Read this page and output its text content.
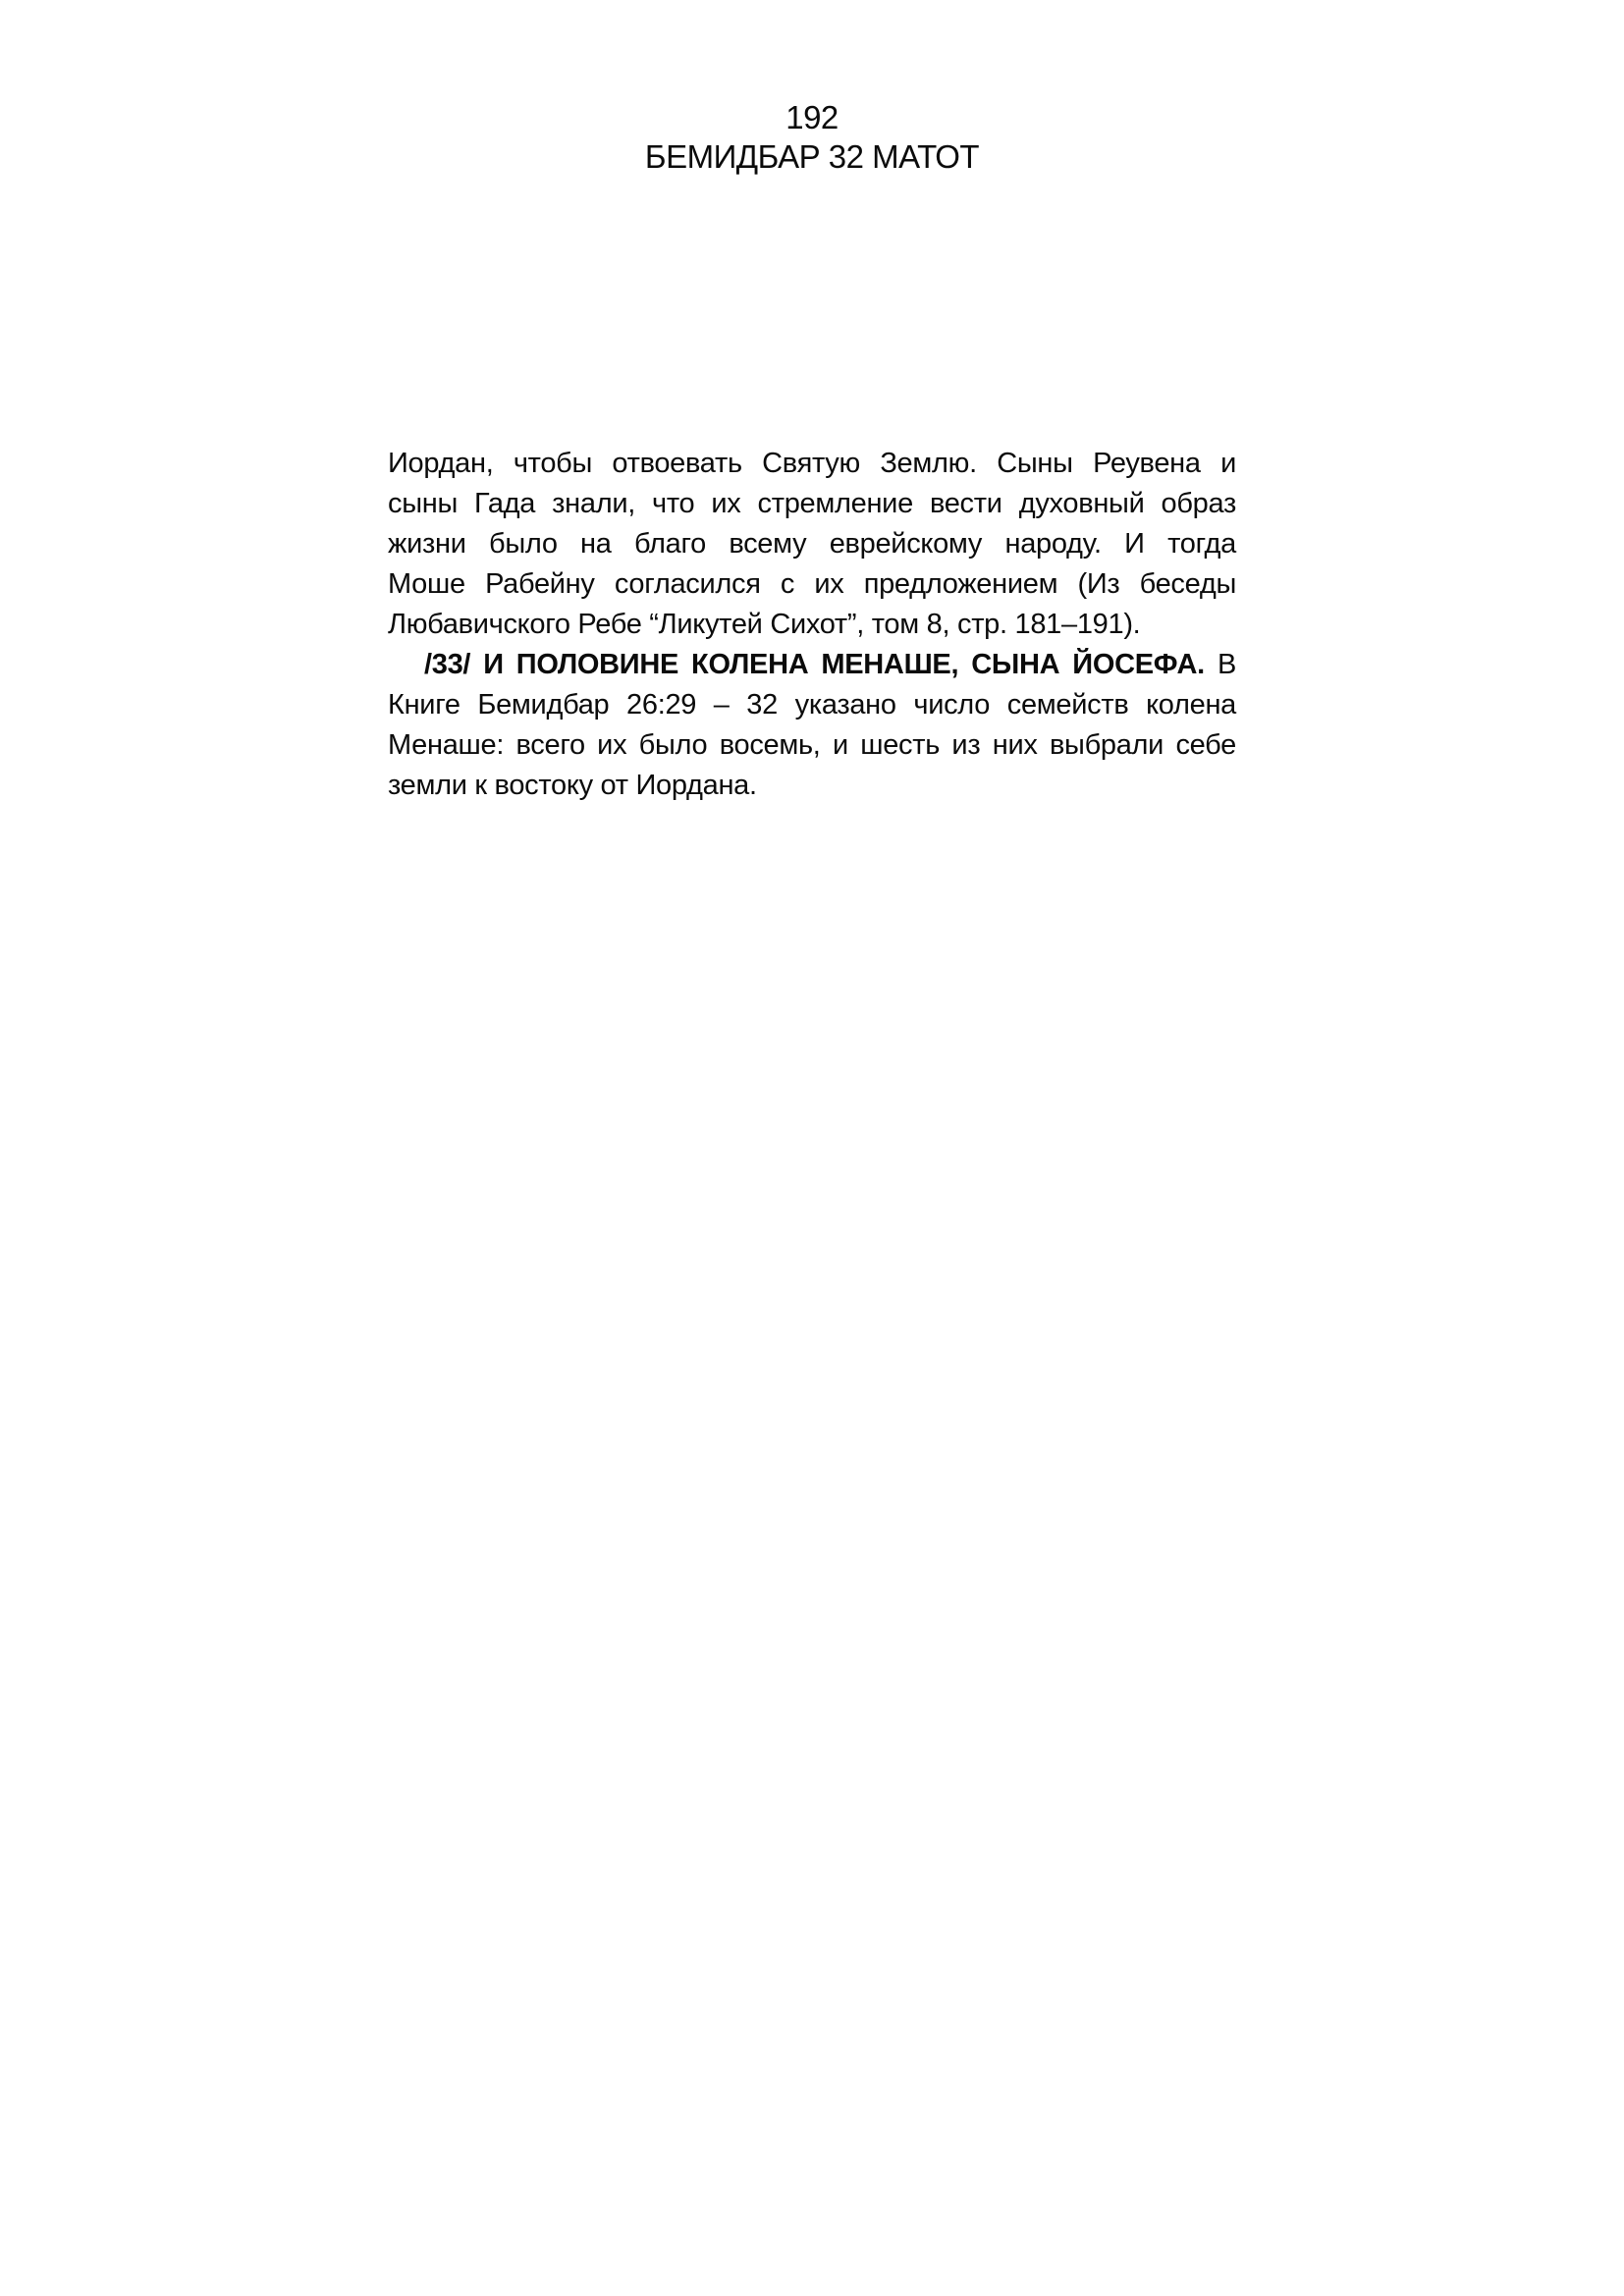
192
БЕМИДБАР 32 МАТОТ
Иордан, чтобы отвоевать Святую Землю. Сыны Реувена и
сыны Гада знали, что их стремление вести духовный образ
жизни было на благо всему еврейскому народу. И тогда
Моше Рабейну согласился с их предложением (Из беседы
Любавичского Ребе “Ликутей Сихот”, том 8, стр. 181–191).
/33/ И ПОЛОВИНЕ КОЛЕНА МЕНАШЕ, СЫНА ЙОСЕФА. В
Книге Бемидбар 26:29 – 32 указано число семейств колена
Менаше: всего их было восемь, и шесть из них выбрали себе
земли к востоку от Иордана.
